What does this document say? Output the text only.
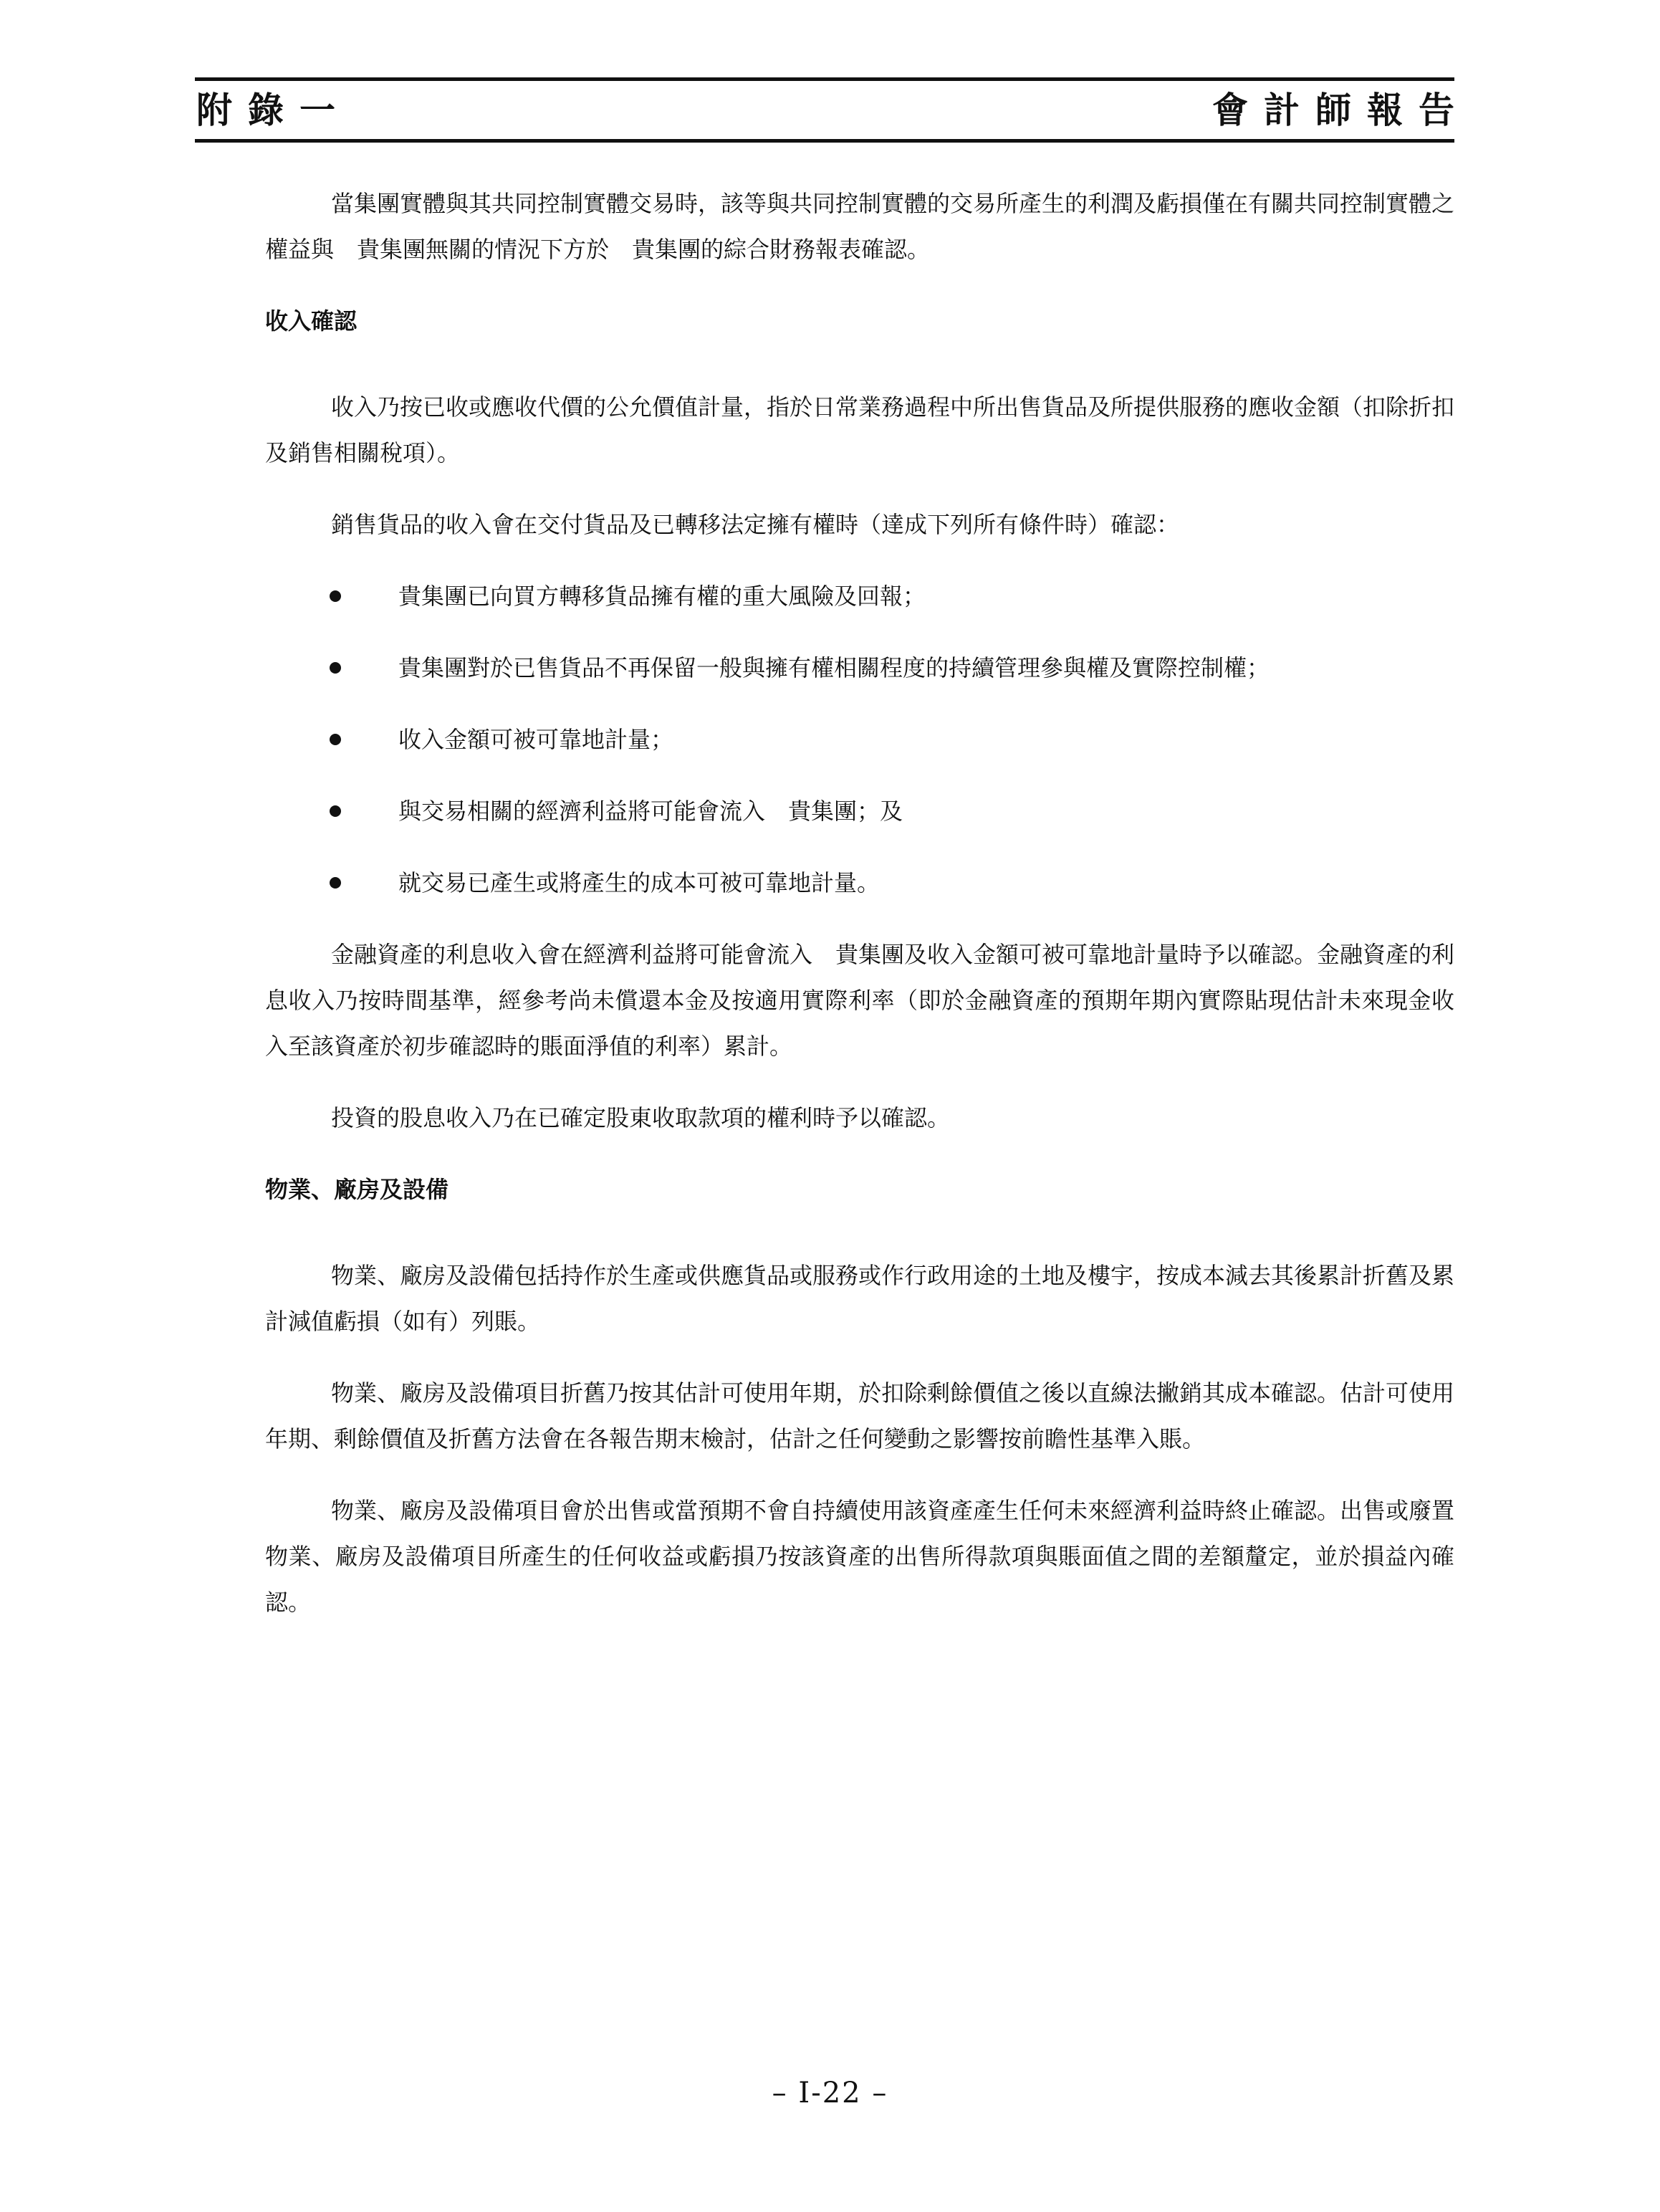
附錄一	會計師報告

當集團實體與其共同控制實體交易時，該等與共同控制實體的交易所產生的利潤及虧損僅在有關共同控制實體之權益與　貴集團無關的情況下方於　貴集團的綜合財務報表確認。

收入確認

收入乃按已收或應收代價的公允價值計量，指於日常業務過程中所出售貨品及所提供服務的應收金額（扣除折扣及銷售相關稅項）。

銷售貨品的收入會在交付貨品及已轉移法定擁有權時（達成下列所有條件時）確認：

貴集團已向買方轉移貨品擁有權的重大風險及回報；
貴集團對於已售貨品不再保留一般與擁有權相關程度的持續管理參與權及實際控制權；
收入金額可被可靠地計量；
與交易相關的經濟利益將可能會流入　貴集團；及
就交易已產生或將產生的成本可被可靠地計量。

金融資產的利息收入會在經濟利益將可能會流入　貴集團及收入金額可被可靠地計量時予以確認。金融資產的利息收入乃按時間基準，經參考尚未償還本金及按適用實際利率（即於金融資產的預期年期內實際貼現估計未來現金收入至該資產於初步確認時的賬面淨值的利率）累計。

投資的股息收入乃在已確定股東收取款項的權利時予以確認。

物業、廠房及設備

物業、廠房及設備包括持作於生產或供應貨品或服務或作行政用途的土地及樓宇，按成本減去其後累計折舊及累計減值虧損（如有）列賬。

物業、廠房及設備項目折舊乃按其估計可使用年期，於扣除剩餘價值之後以直線法撇銷其成本確認。估計可使用年期、剩餘價值及折舊方法會在各報告期末檢討，估計之任何變動之影響按前瞻性基準入賬。

物業、廠房及設備項目會於出售或當預期不會自持續使用該資產產生任何未來經濟利益時終止確認。出售或廢置物業、廠房及設備項目所產生的任何收益或虧損乃按該資產的出售所得款項與賬面值之間的差額釐定，並於損益內確認。

– I-22 –
